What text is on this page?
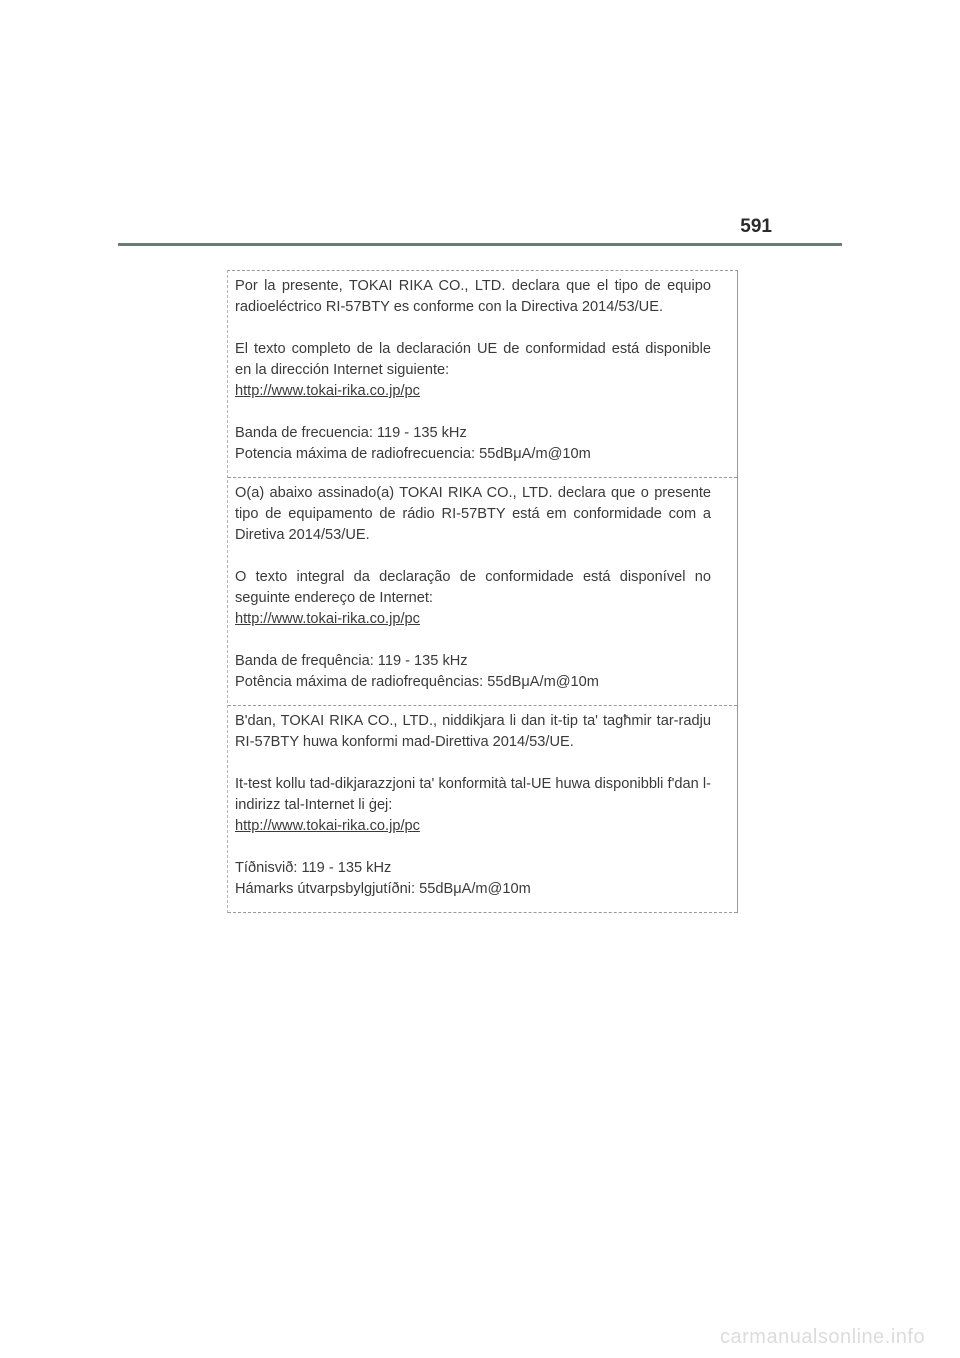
591

Por la presente, TOKAI RIKA CO., LTD. declara que el tipo de equipo radioeléctrico RI-57BTY es conforme con la Directiva 2014/53/UE.

El texto completo de la declaración UE de conformidad está disponible en la dirección Internet siguiente:

http://www.tokai-rika.co.jp/pc

Banda de frecuencia: 119 - 135 kHz

Potencia máxima de radiofrecuencia: 55dBμA/m@10m

O(a) abaixo assinado(a) TOKAI RIKA CO., LTD. declara que o presente tipo de equipamento de rádio RI-57BTY está em conformidade com a Diretiva 2014/53/UE.

O texto integral da declaração de conformidade está disponível no seguinte endereço de Internet:

http://www.tokai-rika.co.jp/pc

Banda de frequência: 119 - 135 kHz

Potência máxima de radiofrequências: 55dBμA/m@10m

B'dan, TOKAI RIKA CO., LTD., niddikjara li dan it-tip ta' tagħmir tar-radju RI-57BTY huwa konformi mad-Direttiva 2014/53/UE.

It-test kollu tad-dikjarazzjoni ta' konformità tal-UE huwa disponibbli f'dan l-indirizz tal-Internet li ġej:

http://www.tokai-rika.co.jp/pc

Tíðnisvið: 119 - 135 kHz

Hámarks útvarpsbylgjutíðni: 55dBμA/m@10m

carmanualsonline.info
